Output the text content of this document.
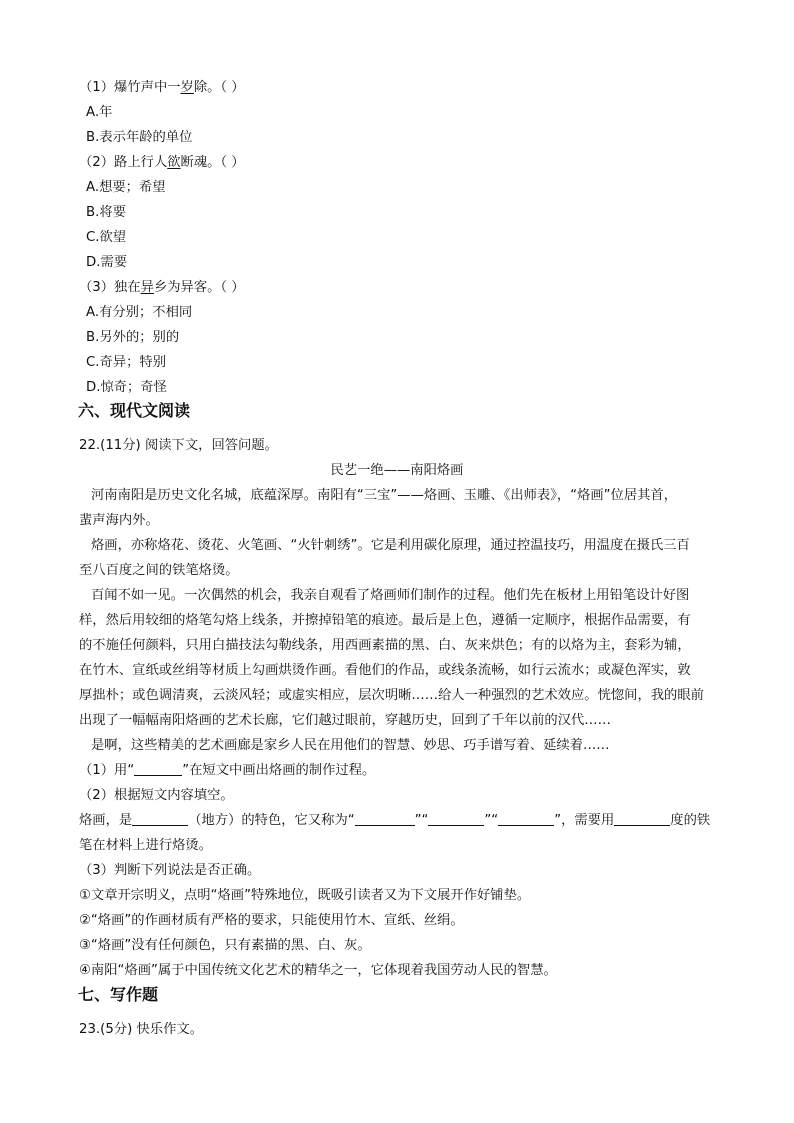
（1）爆竹声中一岁除。（ ）
A.年
B.表示年龄的单位
（2）路上行人欲断魂。（ ）
A.想要；希望
B.将要
C.欲望
D.需要
（3）独在异乡为异客。（ ）
A.有分别；不相同
B.另外的；别的
C.奇异；特别
D.惊奇；奇怪
六、现代文阅读
22.(11分) 阅读下文，回答问题。
民艺一绝——南阳烙画
河南南阳是历史文化名城，底蕴深厚。南阳有“三宝”——烙画、玉雕、《出师表》，“烙画”位居其首，
蜚声海内外。
烙画，亦称烙花、烫花、火笔画、“火针刺绣”。它是利用碳化原理，通过控温技巧，用温度在摄氏三百
至八百度之间的铁笔烙烫。
百闻不如一见。一次偶然的机会，我亲自观看了烙画师们制作的过程。他们先在板材上用铅笔设计好图
样，然后用较细的烙笔勾烙上线条，并擦掉铅笔的痕迹。最后是上色，遵循一定顺序，根据作品需要，有
的不施任何颜料，只用白描技法勾勒线条，用西画素描的黑、白、灰来烘色；有的以烙为主，套彩为辅，
在竹木、宣纸或丝绢等材质上勾画烘烫作画。看他们的作品，或线条流畅，如行云流水；或凝色浑实，敦
厚拙朴；或色调清爽，云淡风轻；或虚实相应，层次明晰……给人一种强烈的艺术效应。恍惚间，我的眼前
出现了一幅幅南阳烙画的艺术长廊，它们越过眼前，穿越历史，回到了千年以前的汉代……
是啊，这些精美的艺术画廊是家乡人民在用他们的智慧、妙思、巧手谱写着、延续着……
（1）用“	”在短文中画出烙画的制作过程。
（2）根据短文内容填空。
烙画，是	（地方）的特色，它又称为“	”“	”“	”，需要用	度的铁
笔在材料上进行烙烫。
（3）判断下列说法是否正确。
①文章开宗明义，点明“烙画”特殊地位，既吸引读者又为下文展开作好铺垫。
②“烙画”的作画材质有严格的要求，只能使用竹木、宣纸、丝绢。
③“烙画”没有任何颜色，只有素描的黑、白、灰。
④南阳“烙画”属于中国传统文化艺术的精华之一，它体现着我国劳动人民的智慧。
七、写作题
23.(5分) 快乐作文。
